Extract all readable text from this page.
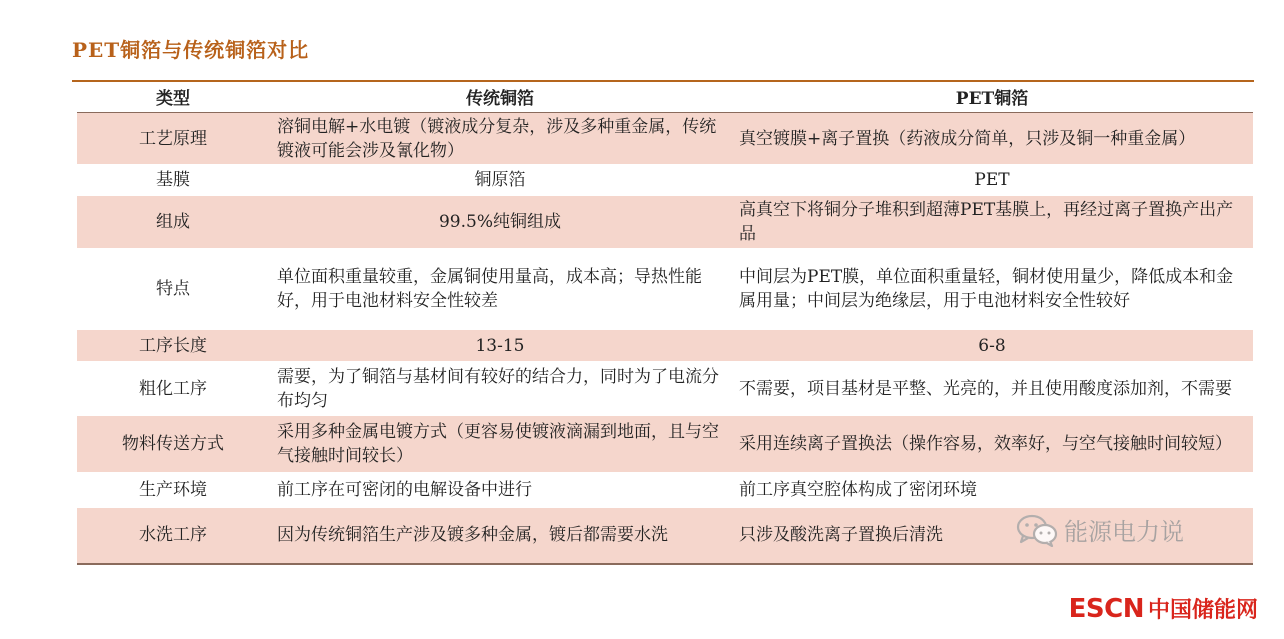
PET铜箔与传统铜箔对比
类型	传统铜箔	PET铜箔
工艺原理	溶铜电解+水电镀（镀液成分复杂，涉及多种重金属，传统镀液可能会涉及氰化物）	真空镀膜+离子置换（药液成分简单，只涉及铜一种重金属）
基膜	铜原箔	PET
组成	99.5%纯铜组成	高真空下将铜分子堆积到超薄PET基膜上，再经过离子置换产出产品
特点	单位面积重量较重，金属铜使用量高，成本高；导热性能好，用于电池材料安全性较差	中间层为PET膜，单位面积重量轻，铜材使用量少，降低成本和金属用量；中间层为绝缘层，用于电池材料安全性较好
工序长度	13-15	6-8
粗化工序	需要，为了铜箔与基材间有较好的结合力，同时为了电流分布均匀	不需要，项目基材是平整、光亮的，并且使用酸度添加剂，不需要
物料传送方式	采用多种金属电镀方式（更容易使镀液滴漏到地面，且与空气接触时间较长）	采用连续离子置换法（操作容易，效率好，与空气接触时间较短）
生产环境	前工序在可密闭的电解设备中进行	前工序真空腔体构成了密闭环境
水洗工序	因为传统铜箔生产涉及镀多种金属，镀后都需要水洗	只涉及酸洗离子置换后清洗	能源电力说
ESCN 中国储能网
